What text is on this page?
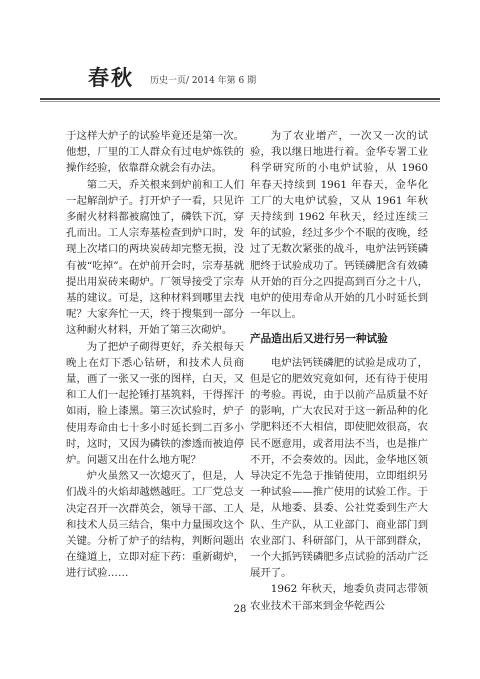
春秋 历史一页/ 2014 年第 6 期

于这样大炉子的试验毕竟还是第一次。他想，厂里的工人群众有过电炉炼铁的操作经验，依靠群众就会有办法。

第二天，乔关根来到炉前和工人们一起解剖炉子。打开炉子一看，只见许多耐火材料都被腐蚀了，磷铁下沉，穿孔而出。工人宗寿基检查到炉口时，发现上次堵口的两块炭砖却完整无损，没有被“吃掉”。在炉前开会时，宗寿基就提出用炭砖来砌炉。厂领导接受了宗寿基的建议。可是，这种材料到哪里去找呢？大家奔忙一天，终于搜集到一部分这种耐火材料，开始了第三次砌炉。

为了把炉子砌得更好，乔关根每天晚上在灯下悉心钻研，和技术人员商量，画了一张又一张的图样，白天，又和工人们一起抡锤打基筑料，干得挥汗如雨，脸上漆黑。第三次试验时，炉子使用寿命由七十多小时延长到二百多小时，这时，又因为磷铁的渗透而被迫停炉。问题又出在什么地方呢？

炉火虽然又一次熄灭了，但是，人们战斗的火焰却越燃越旺。工厂党总支决定召开一次群英会，领导干部、工人和技术人员三结合，集中力量围攻这个关键。分析了炉子的结构，判断问题出在缝道上，立即对症下药：重新砌炉，进行试验……

为了农业增产，一次又一次的试验，我以继日地进行着。金华专署工业科学研究所的小电炉试验，从 1960 年春天持续到 1961 年春天，金华化工厂的大电炉试验，又从 1961 年秋天持续到 1962 年秋天，经过连续三年的试验，经过多少个不眠的夜晚，经过了无数次紧张的战斗，电炉法钙镁磷肥终于试验成功了。钙镁磷肥含有效磷从开始的百分之四提高到百分之十八，电炉的使用寿命从开始的几小时延长到一年以上。

产品造出后又进行另一种试验

电炉法钙镁磷肥的试验是成功了，但是它的肥效究竟如何，还有待于使用的考验。再说，由于以前产品质量不好的影响，广大农民对于这一新品种的化学肥料还不大相信，即使肥效很高，农民不愿意用，或者用法不当，也是推广不开，不会奏效的。因此，金华地区领导决定不先急于推销使用，立即组织另一种试验——推广使用的试验工作。于是，从地委、县委、公社党委到生产大队、生产队，从工业部门、商业部门到农业部门、科研部门，从干部到群众，一个大抓钙镁磷肥多点试验的活动广泛展开了。

1962 年秋天，地委负责同志带领农业技术干部来到金华乾西公

28
